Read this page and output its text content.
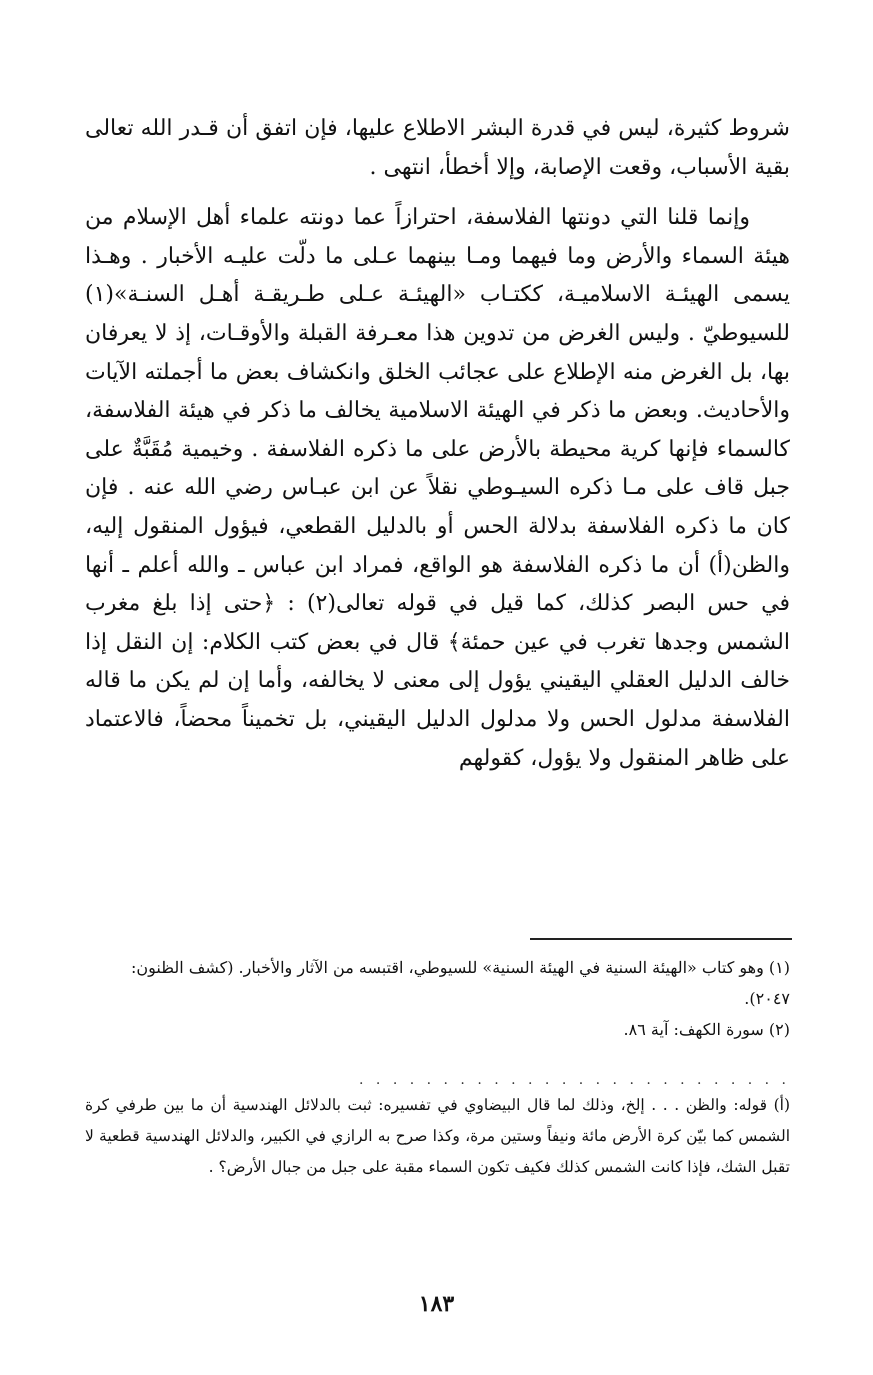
شروط كثيرة، ليس في قدرة البشر الاطلاع عليها، فإن اتفق أن قـدر الله تعالى بقية الأسباب، وقعت الإصابة، وإلا أخطأ، انتهى .

وإنما قلنا التي دونتها الفلاسفة، احترازاً عما دونته علماء أهل الإسلام من هيئة السماء والأرض وما فيهما ومـا بينهما عـلى ما دلّت عليـه الأخبار . وهـذا يسمى الهيئـة الاسلاميـة، ككتـاب «الهيئـة عـلى طـريقـة أهـل السنـة»(١) للسيوطيّ . وليس الغرض من تدوين هذا معـرفة القبلة والأوقـات، إذ لا يعرفان بها، بل الغرض منه الإطلاع على عجائب الخلق وانكشاف بعض ما أجملته الآيات والأحاديث. وبعض ما ذكر في الهيئة الاسلامية يخالف ما ذكر في هيئة الفلاسفة، كالسماء فإنها كرية محيطة بالأرض على ما ذكره الفلاسفة . وخيمية مُقَبَّةٌ على جبل قاف على مـا ذكره السيـوطي نقلاً عن ابن عبـاس رضي الله عنه . فإن كان ما ذكره الفلاسفة بدلالة الحس أو بالدليل القطعي، فيؤول المنقول إليه، والظن(أ) أن ما ذكره الفلاسفة هو الواقع، فمراد ابن عباس ـ والله أعلم ـ أنها في حس البصر كذلك، كما قيل في قوله تعالى(٢) : ﴿حتى إذا بلغ مغرب الشمس وجدها تغرب في عين حمئة﴾ قال في بعض كتب الكلام: إن النقل إذا خالف الدليل العقلي اليقيني يؤول إلى معنى لا يخالفه، وأما إن لم يكن ما قاله الفلاسفة مدلول الحس ولا مدلول الدليل اليقيني، بل تخميناً محضاً، فالاعتماد على ظاهر المنقول ولا يؤول، كقولهم

(١) وهو كتاب «الهيئة السنية في الهيئة السنية» للسيوطي، اقتبسه من الآثار والأخبار. (كشف الظنون: ٢٠٤٧).
(٢) سورة الكهف: آية ٨٦.
. . . . . . . . . . . . . . . . . . . . . . . . . .

(أ) قوله: والظن . . . إلخ، وذلك لما قال البيضاوي في تفسيره: ثبت بالدلائل الهندسية أن ما بين طرفي كرة الشمس كما بيّن كرة الأرض مائة ونيفاً وستين مرة، وكذا صرح به الرازي في الكبير، والدلائل الهندسية قطعية لا تقبل الشك، فإذا كانت الشمس كذلك فكيف تكون السماء مقبة على جبل من جبال الأرض؟ .

١٨٣
